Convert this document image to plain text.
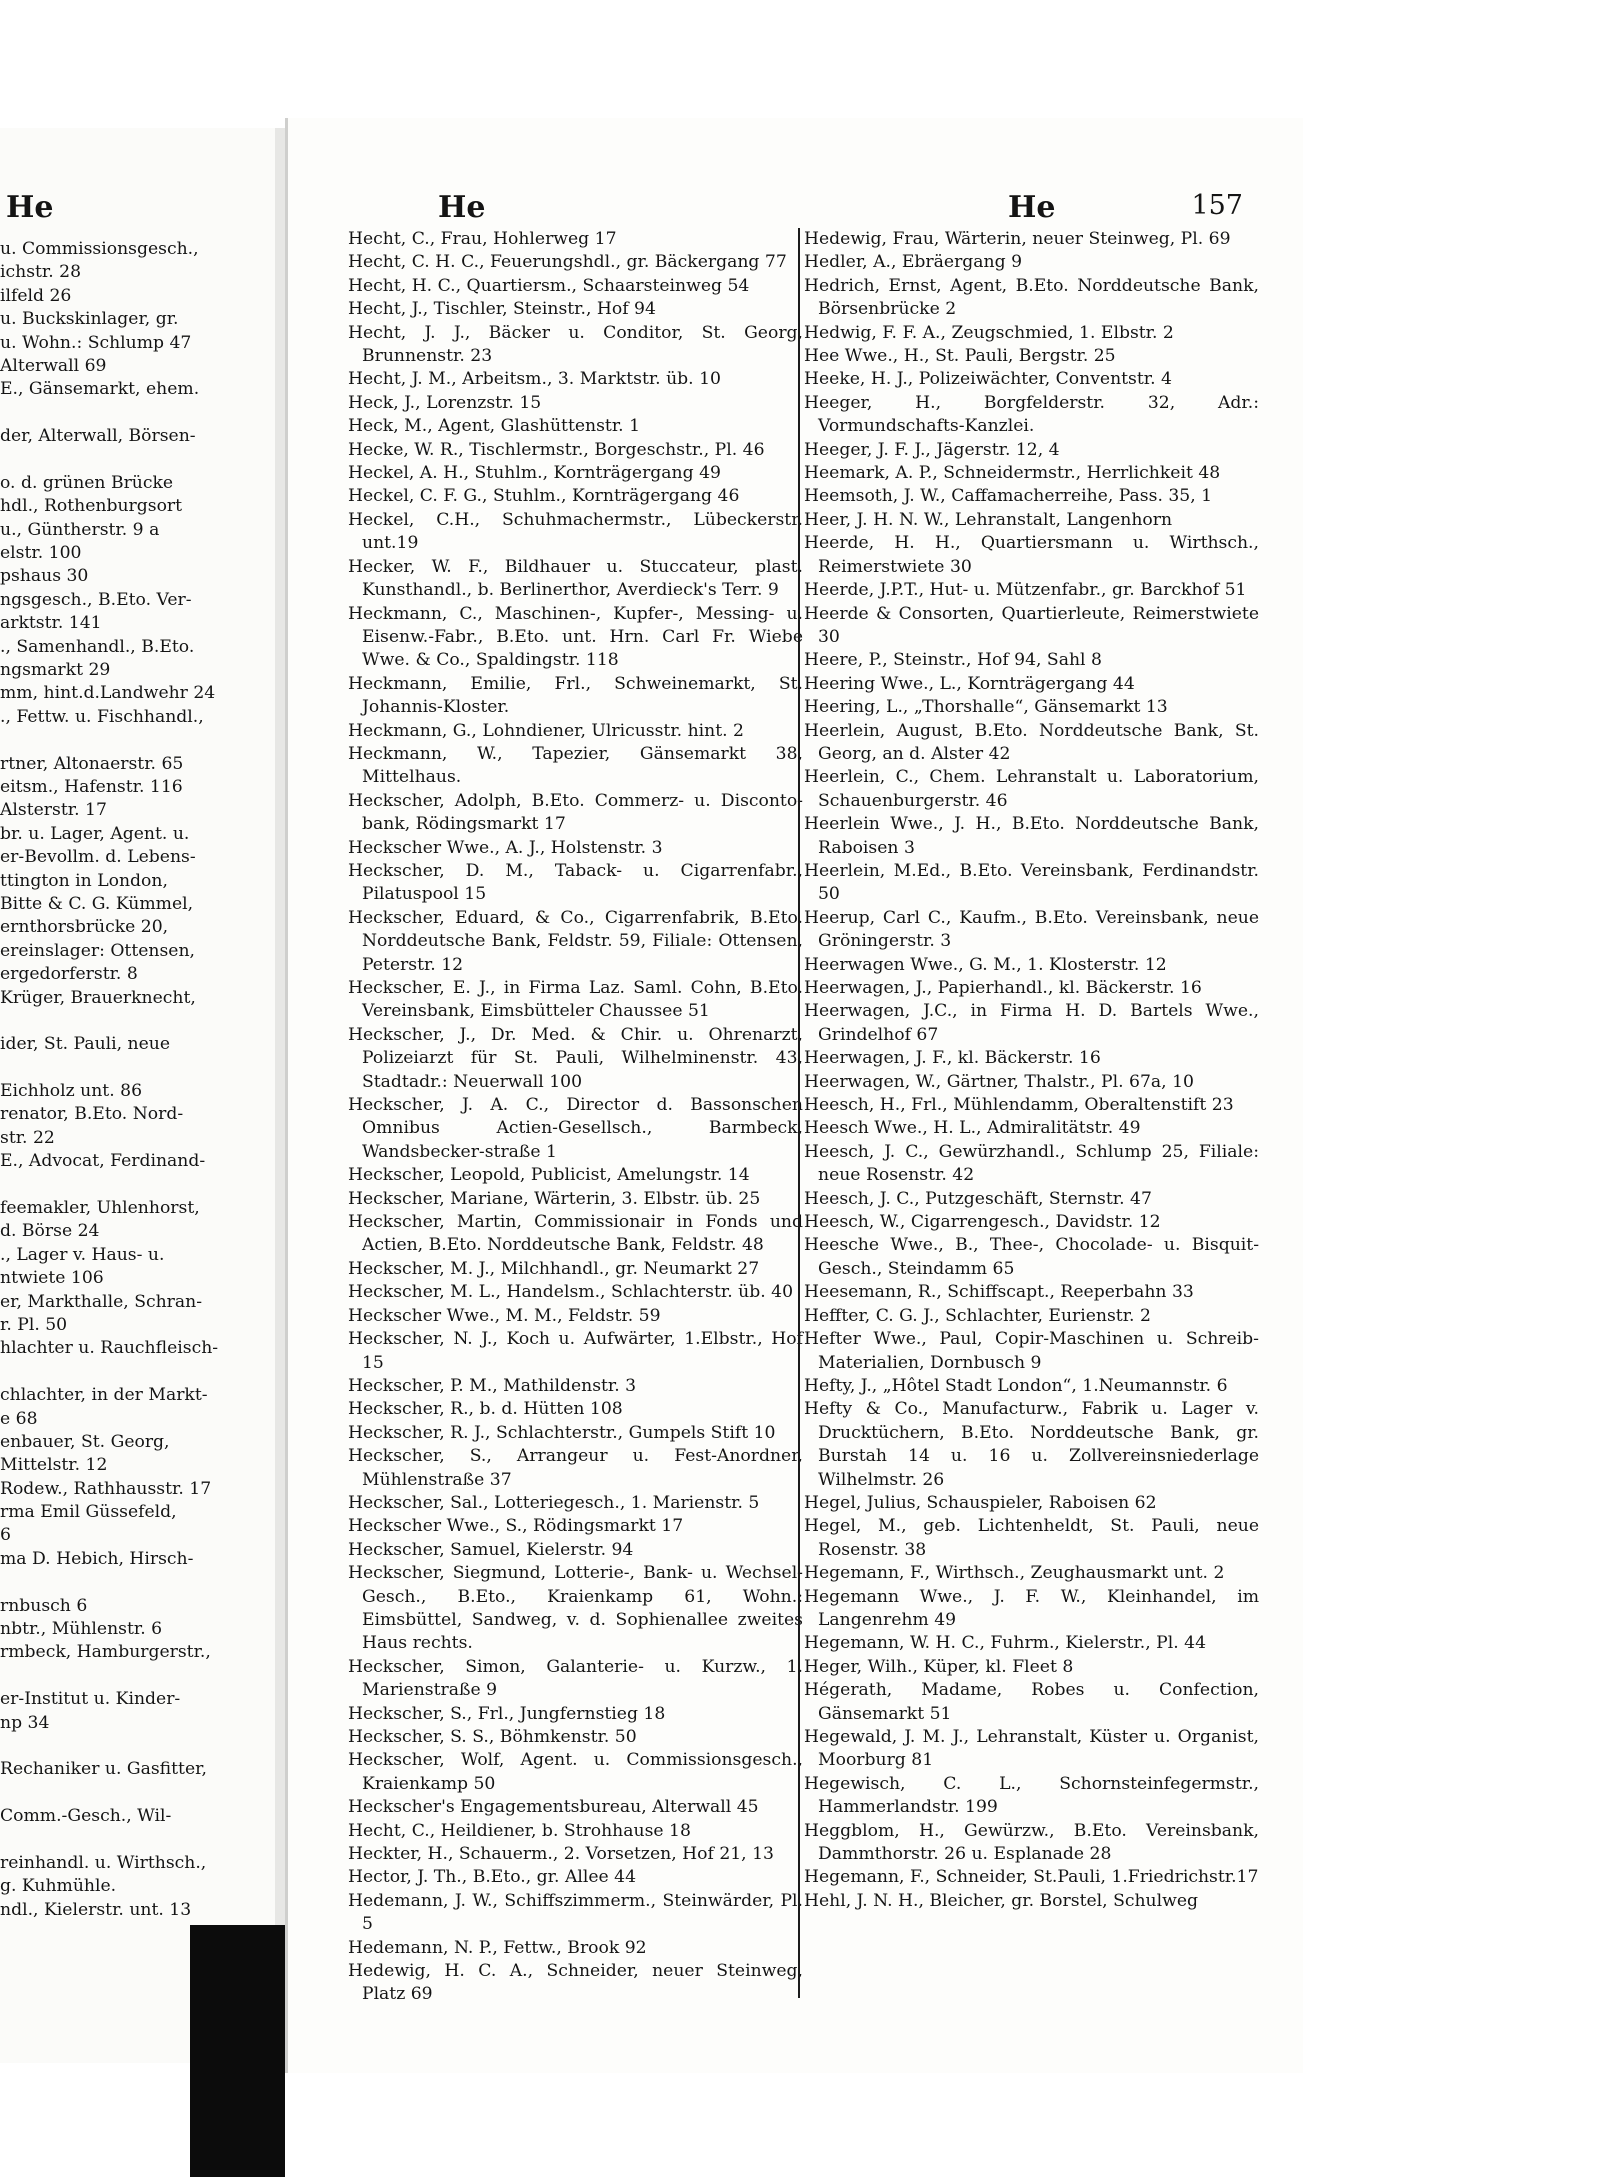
He
u. Commissionsgesch.,
ichstr. 28
ilfeld 26
u. Buckskinlager, gr.
u. Wohn.: Schlump 47
Alterwall 69
E., Gänsemarkt, ehem.
der, Alterwall, Börsen-
o. d. grünen Brücke
hdl., Rothenburgsort
u., Güntherstr. 9 a
elstr. 100
pshaus 30
ngsgesch., B.Eto. Ver-
arktstr. 141
., Samenhandl., B.Eto.
ngsmarkt 29
mm, hint.d.Landwehr 24
., Fettw. u. Fischhandl.,
rtner, Altonaerstr. 65
eitsm., Hafenstr. 116
Alsterstr. 17
br. u. Lager, Agent. u.
er-Bevollm. d. Lebens-
ttington in London,
Bitte & C. G. Kümmel,
ernthorsbrücke 20,
ereinslager: Ottensen,
ergedorferstr. 8
Krüger, Brauerknecht,
ider, St. Pauli, neue
Eichholz unt. 86
renator, B.Eto. Nord-
str. 22
E., Advocat, Ferdinand-
feemakler, Uhlenhorst,
d. Börse 24
., Lager v. Haus- u.
ntwiete 106
er, Markthalle, Schran-
r. Pl. 50
hlachter u. Rauchfleisch-
chlachter, in der Markt-
e 68
enbauer, St. Georg,
Mittelstr. 12
Rodew., Rathhausstr. 17
rma Emil Güssefeld,
6
ma D. Hebich, Hirsch-
rnbusch 6
nbtr., Mühlenstr. 6
rmbeck, Hamburgerstr.,
er-Institut u. Kinder-
np 34
Rechaniker u. Gasfitter,
Comm.-Gesch., Wil-
reinhandl. u. Wirthsch.,
g. Kuhmühle.
ndl., Kielerstr. unt. 13
He	He	157
Hecht, C., Frau, Hohlerweg 17
Hecht, C. H. C., Feuerungshdl., gr. Bäckergang 77
Hecht, H. C., Quartiersm., Schaarsteinweg 54
Hecht, J., Tischler, Steinstr., Hof 94
Hecht, J. J., Bäcker u. Conditor, St. Georg, Brunnenstr. 23
Hecht, J. M., Arbeitsm., 3. Marktstr. üb. 10
Heck, J., Lorenzstr. 15
Heck, M., Agent, Glashüttenstr. 1
Hecke, W. R., Tischlermstr., Borgeschstr., Pl. 46
Heckel, A. H., Stuhlm., Kornträgergang 49
Heckel, C. F. G., Stuhlm., Kornträgergang 46
Heckel, C.H., Schuhmachermstr., Lübeckerstr. unt.19
Hecker, W. F., Bildhauer u. Stuccateur, plast. Kunsthandl., b. Berlinerthor, Averdieck's Terr. 9
Heckmann, C., Maschinen-, Kupfer-, Messing- u. Eisenw.-Fabr., B.Eto. unt. Hrn. Carl Fr. Wiebe Wwe. & Co., Spaldingstr. 118
Heckmann, Emilie, Frl., Schweinemarkt, St. Johannis-Kloster.
Heckmann, G., Lohndiener, Ulricusstr. hint. 2
Heckmann, W., Tapezier, Gänsemarkt 38, Mittelhaus.
Heckscher, Adolph, B.Eto. Commerz- u. Disconto-bank, Rödingsmarkt 17
Heckscher Wwe., A. J., Holstenstr. 3
Heckscher, D. M., Taback- u. Cigarrenfabr., Pilatuspool 15
Heckscher, Eduard, & Co., Cigarrenfabrik, B.Eto. Norddeutsche Bank, Feldstr. 59, Filiale: Ottensen, Peterstr. 12
Heckscher, E. J., in Firma Laz. Saml. Cohn, B.Eto. Vereinsbank, Eimsbütteler Chaussee 51
Heckscher, J., Dr. Med. & Chir. u. Ohrenarzt, Polizeiarzt für St. Pauli, Wilhelminenstr. 43, Stadtadr.: Neuerwall 100
Heckscher, J. A. C., Director d. Bassonschen Omnibus Actien-Gesellsch., Barmbeck, Wandsbecker-straße 1
Heckscher, Leopold, Publicist, Amelungstr. 14
Heckscher, Mariane, Wärterin, 3. Elbstr. üb. 25
Heckscher, Martin, Commissionair in Fonds und Actien, B.Eto. Norddeutsche Bank, Feldstr. 48
Heckscher, M. J., Milchhandl., gr. Neumarkt 27
Heckscher, M. L., Handelsm., Schlachterstr. üb. 40
Heckscher Wwe., M. M., Feldstr. 59
Heckscher, N. J., Koch u. Aufwärter, 1.Elbstr., Hof 15
Heckscher, P. M., Mathildenstr. 3
Heckscher, R., b. d. Hütten 108
Heckscher, R. J., Schlachterstr., Gumpels Stift 10
Heckscher, S., Arrangeur u. Fest-Anordner, Mühlenstraße 37
Heckscher, Sal., Lotteriegesch., 1. Marienstr. 5
Heckscher Wwe., S., Rödingsmarkt 17
Heckscher, Samuel, Kielerstr. 94
Heckscher, Siegmund, Lotterie-, Bank- u. Wechsel-Gesch., B.Eto., Kraienkamp 61, Wohn.: Eimsbüttel, Sandweg, v. d. Sophienallee zweites Haus rechts.
Heckscher, Simon, Galanterie- u. Kurzw., 1. Marienstraße 9
Heckscher, S., Frl., Jungfernstieg 18
Heckscher, S. S., Böhmkenstr. 50
Heckscher, Wolf, Agent. u. Commissionsgesch., Kraienkamp 50
Heckscher's Engagementsbureau, Alterwall 45
Hecht, C., Heildiener, b. Strohhause 18
Heckter, H., Schauerm., 2. Vorsetzen, Hof 21, 13
Hector, J. Th., B.Eto., gr. Allee 44
Hedemann, J. W., Schiffszimmerm., Steinwärder, Pl. 5
Hedemann, N. P., Fettw., Brook 92
Hedewig, H. C. A., Schneider, neuer Steinweg, Platz 69
Hedewig, Frau, Wärterin, neuer Steinweg, Pl. 69
Hedler, A., Ebräergang 9
Hedrich, Ernst, Agent, B.Eto. Norddeutsche Bank, Börsenbrücke 2
Hedwig, F. F. A., Zeugschmied, 1. Elbstr. 2
Hee Wwe., H., St. Pauli, Bergstr. 25
Heeke, H. J., Polizeiwächter, Conventstr. 4
Heeger, H., Borgfelderstr. 32, Adr.: Vormundschafts-Kanzlei.
Heeger, J. F. J., Jägerstr. 12, 4
Heemark, A. P., Schneidermstr., Herrlichkeit 48
Heemsoth, J. W., Caffamacherreihe, Pass. 35, 1
Heer, J. H. N. W., Lehranstalt, Langenhorn
Heerde, H. H., Quartiersmann u. Wirthsch., Reimerstwiete 30
Heerde, J.P.T., Hut- u. Mützenfabr., gr. Barckhof 51
Heerde & Consorten, Quartierleute, Reimerstwiete 30
Heere, P., Steinstr., Hof 94, Sahl 8
Heering Wwe., L., Kornträgergang 44
Heering, L., „Thorshalle“, Gänsemarkt 13
Heerlein, August, B.Eto. Norddeutsche Bank, St. Georg, an d. Alster 42
Heerlein, C., Chem. Lehranstalt u. Laboratorium, Schauenburgerstr. 46
Heerlein Wwe., J. H., B.Eto. Norddeutsche Bank, Raboisen 3
Heerlein, M.Ed., B.Eto. Vereinsbank, Ferdinandstr. 50
Heerup, Carl C., Kaufm., B.Eto. Vereinsbank, neue Gröningerstr. 3
Heerwagen Wwe., G. M., 1. Klosterstr. 12
Heerwagen, J., Papierhandl., kl. Bäckerstr. 16
Heerwagen, J.C., in Firma H. D. Bartels Wwe., Grindelhof 67
Heerwagen, J. F., kl. Bäckerstr. 16
Heerwagen, W., Gärtner, Thalstr., Pl. 67a, 10
Heesch, H., Frl., Mühlendamm, Oberaltenstift 23
Heesch Wwe., H. L., Admiralitätstr. 49
Heesch, J. C., Gewürzhandl., Schlump 25, Filiale: neue Rosenstr. 42
Heesch, J. C., Putzgeschäft, Sternstr. 47
Heesch, W., Cigarrengesch., Davidstr. 12
Heesche Wwe., B., Thee-, Chocolade- u. Bisquit-Gesch., Steindamm 65
Heesemann, R., Schiffscapt., Reeperbahn 33
Heffter, C. G. J., Schlachter, Eurienstr. 2
Hefter Wwe., Paul, Copir-Maschinen u. Schreib-Materialien, Dornbusch 9
Hefty, J., „Hôtel Stadt London“, 1.Neumannstr. 6
Hefty & Co., Manufacturw., Fabrik u. Lager v. Drucktüchern, B.Eto. Norddeutsche Bank, gr. Burstah 14 u. 16 u. Zollvereinsniederlage Wilhelmstr. 26
Hegel, Julius, Schauspieler, Raboisen 62
Hegel, M., geb. Lichtenheldt, St. Pauli, neue Rosenstr. 38
Hegemann, F., Wirthsch., Zeughausmarkt unt. 2
Hegemann Wwe., J. F. W., Kleinhandel, im Langenrehm 49
Hegemann, W. H. C., Fuhrm., Kielerstr., Pl. 44
Heger, Wilh., Küper, kl. Fleet 8
Hégerath, Madame, Robes u. Confection, Gänsemarkt 51
Hegewald, J. M. J., Lehranstalt, Küster u. Organist, Moorburg 81
Hegewisch, C. L., Schornsteinfegermstr., Hammerlandstr. 199
Heggblom, H., Gewürzw., B.Eto. Vereinsbank, Dammthorstr. 26 u. Esplanade 28
Hegemann, F., Schneider, St.Pauli, 1.Friedrichstr.17
Hehl, J. N. H., Bleicher, gr. Borstel, Schulweg
